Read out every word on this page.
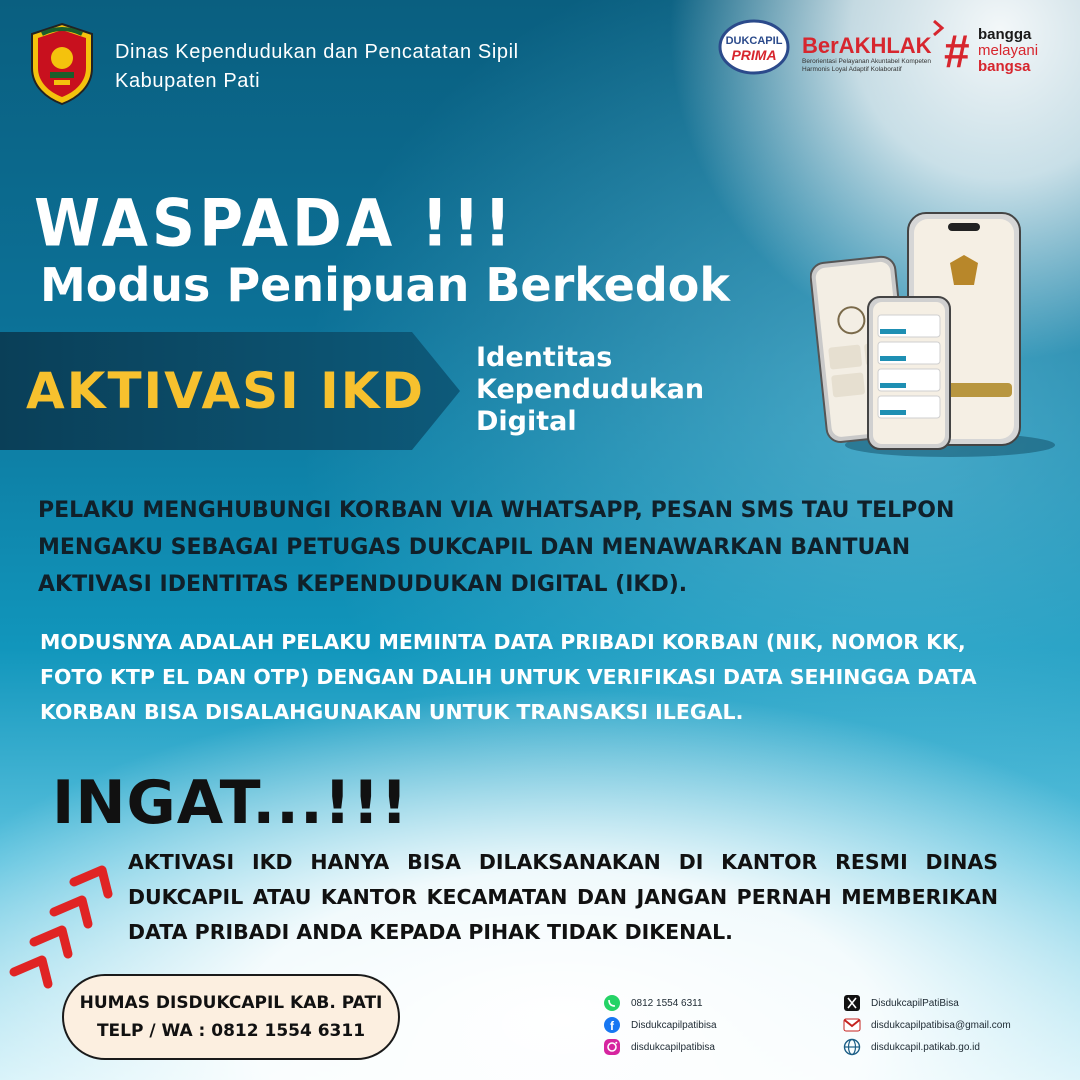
Dinas Kependudukan dan Pencatatan Sipil
Kabupaten Pati
DUKCAPIL
PRIMA BerAKHLAK
Berorientasi Pelayanan Akuntabel Kompeten
Harmonis Loyal Adaptif Kolaboratif # bangga
melayani
bangsa
WASPADA !!!
Modus Penipuan Berkedok
AKTIVASI IKD
Identitas
Kependudukan
Digital
PELAKU MENGHUBUNGI KORBAN VIA WHATSAPP, PESAN SMS TAU TELPON
MENGAKU SEBAGAI PETUGAS DUKCAPIL DAN MENAWARKAN BANTUAN
AKTIVASI IDENTITAS KEPENDUDUKAN DIGITAL (IKD).
MODUSNYA ADALAH PELAKU MEMINTA DATA PRIBADI KORBAN (NIK, NOMOR KK,
FOTO KTP EL DAN OTP) DENGAN DALIH UNTUK VERIFIKASI DATA SEHINGGA DATA
KORBAN BISA DISALAHGUNAKAN UNTUK TRANSAKSI ILEGAL.
INGAT...!!!
AKTIVASI IKD HANYA BISA DILAKSANAKAN DI KANTOR RESMI DINAS DUKCAPIL ATAU KANTOR KECAMATAN DAN JANGAN PERNAH MEMBERIKAN DATA PRIBADI ANDA KEPADA PIHAK TIDAK DIKENAL.
HUMAS DISDUKCAPIL KAB. PATI
TELP / WA : 0812 1554 6311
0812 1554 6311
f Disdukcapilpatibisa
disdukcapilpatibisa
DisdukcapilPatiBisa
disdukcapilpatibisa@gmail.com
disdukcapil.patikab.go.id
